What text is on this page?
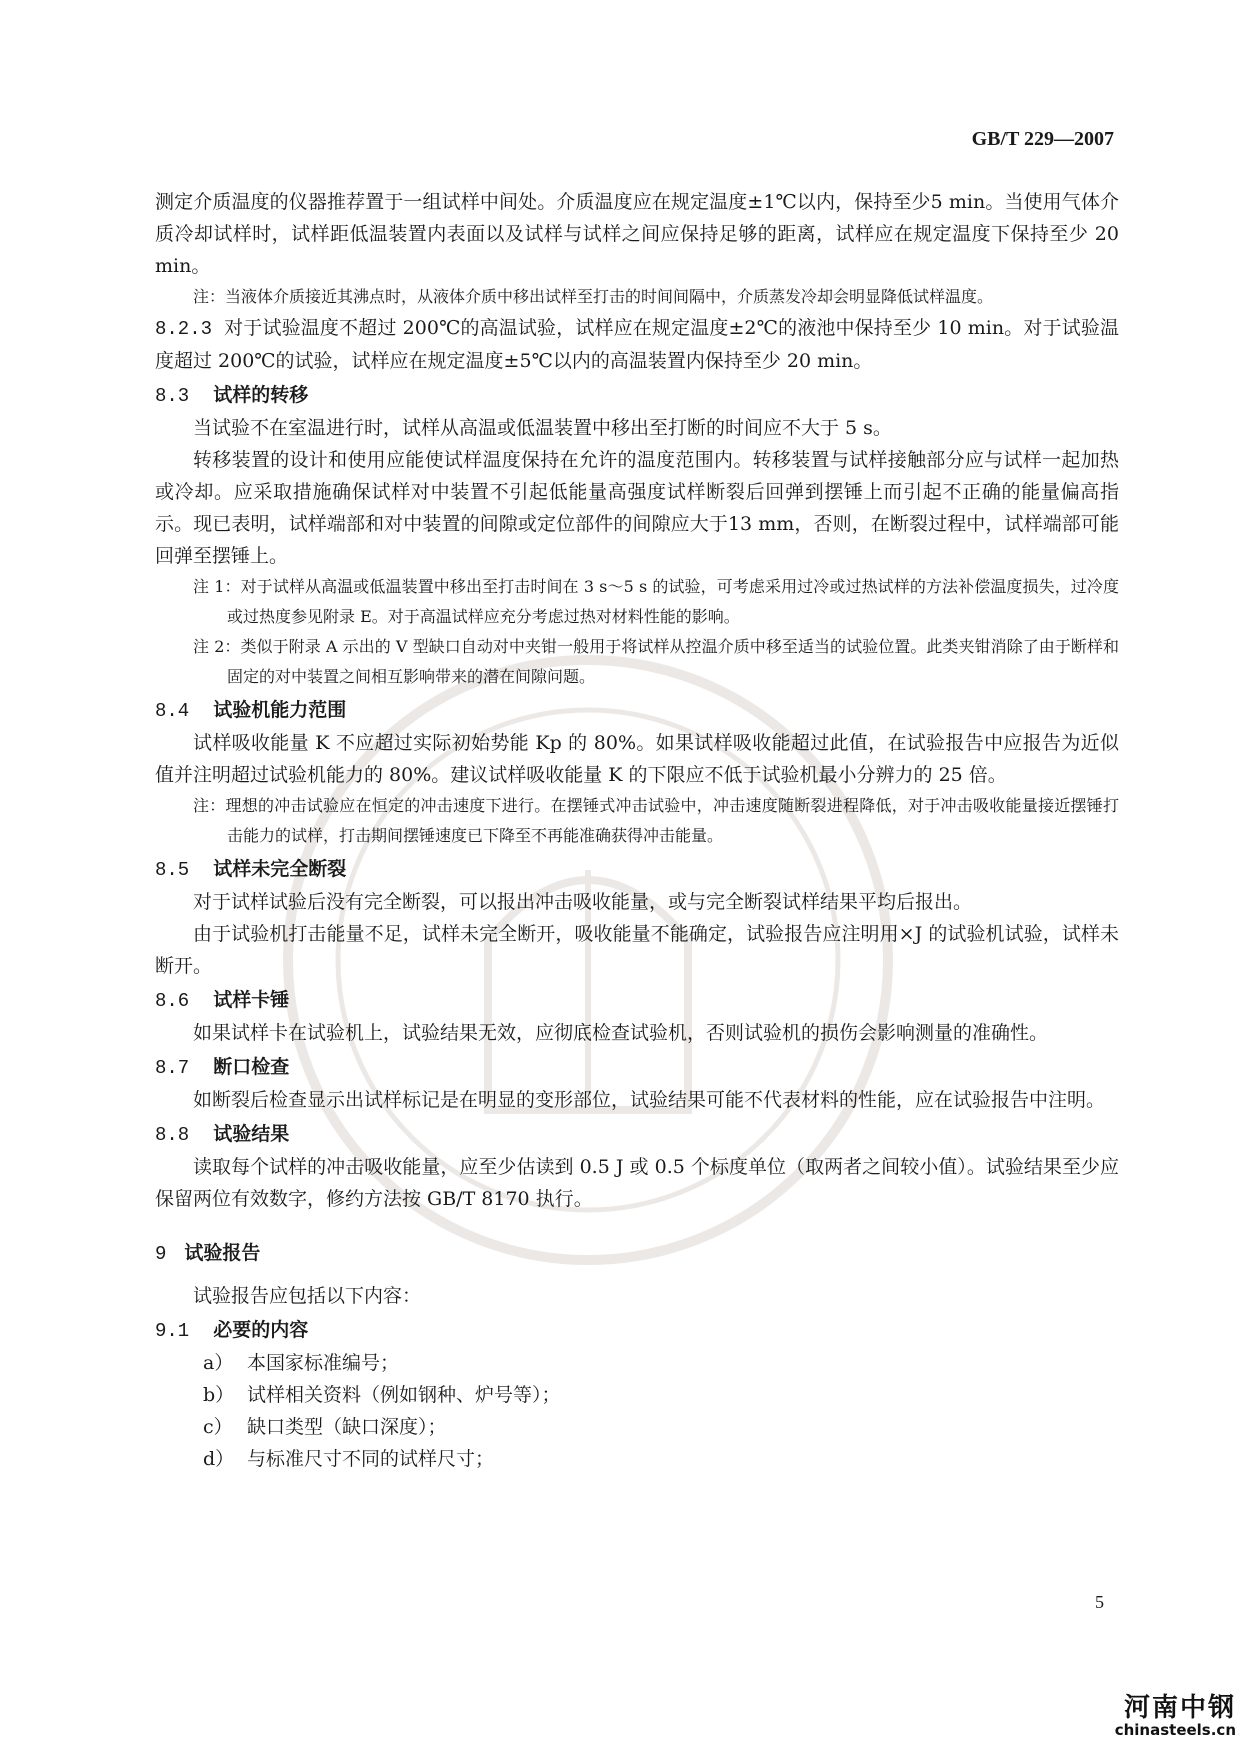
GB/T 229—2007

测定介质温度的仪器推荐置于一组试样中间处。介质温度应在规定温度±1℃以内，保持至少5 min。当使用气体介质冷却试样时，试样距低温装置内表面以及试样与试样之间应保持足够的距离，试样应在规定温度下保持至少 20 min。

注：当液体介质接近其沸点时，从液体介质中移出试样至打击的时间间隔中，介质蒸发冷却会明显降低试样温度。

8.2.3 对于试验温度不超过 200℃的高温试验，试样应在规定温度±2℃的液池中保持至少 10 min。对于试验温度超过 200℃的试验，试样应在规定温度±5℃以内的高温装置内保持至少 20 min。

8.3 试样的转移

当试验不在室温进行时，试样从高温或低温装置中移出至打断的时间应不大于 5 s。

转移装置的设计和使用应能使试样温度保持在允许的温度范围内。转移装置与试样接触部分应与试样一起加热或冷却。应采取措施确保试样对中装置不引起低能量高强度试样断裂后回弹到摆锤上而引起不正确的能量偏高指示。现已表明，试样端部和对中装置的间隙或定位部件的间隙应大于13 mm，否则，在断裂过程中，试样端部可能回弹至摆锤上。

注 1：对于试样从高温或低温装置中移出至打击时间在 3 s～5 s 的试验，可考虑采用过冷或过热试样的方法补偿温度损失，过冷度或过热度参见附录 E。对于高温试样应充分考虑过热对材料性能的影响。

注 2：类似于附录 A 示出的 V 型缺口自动对中夹钳一般用于将试样从控温介质中移至适当的试验位置。此类夹钳消除了由于断样和固定的对中装置之间相互影响带来的潜在间隙问题。

8.4 试验机能力范围

试样吸收能量 K 不应超过实际初始势能 Kp 的 80%。如果试样吸收能超过此值，在试验报告中应报告为近似值并注明超过试验机能力的 80%。建议试样吸收能量 K 的下限应不低于试验机最小分辨力的 25 倍。

注：理想的冲击试验应在恒定的冲击速度下进行。在摆锤式冲击试验中，冲击速度随断裂进程降低，对于冲击吸收能量接近摆锤打击能力的试样，打击期间摆锤速度已下降至不再能准确获得冲击能量。

8.5 试样未完全断裂

对于试样试验后没有完全断裂，可以报出冲击吸收能量，或与完全断裂试样结果平均后报出。

由于试验机打击能量不足，试样未完全断开，吸收能量不能确定，试验报告应注明用×J 的试验机试验，试样未断开。

8.6 试样卡锤

如果试样卡在试验机上，试验结果无效，应彻底检查试验机，否则试验机的损伤会影响测量的准确性。

8.7 断口检查

如断裂后检查显示出试样标记是在明显的变形部位，试验结果可能不代表材料的性能，应在试验报告中注明。

8.8 试验结果

读取每个试样的冲击吸收能量，应至少估读到 0.5 J 或 0.5 个标度单位（取两者之间较小值）。试验结果至少应保留两位有效数字，修约方法按 GB/T 8170 执行。

9 试验报告

试验报告应包括以下内容：

9.1 必要的内容

a） 本国家标准编号；

b） 试样相关资料（例如钢种、炉号等）；

c） 缺口类型（缺口深度）；

d） 与标准尺寸不同的试样尺寸；

5
河南中钢
chinasteels.cn
